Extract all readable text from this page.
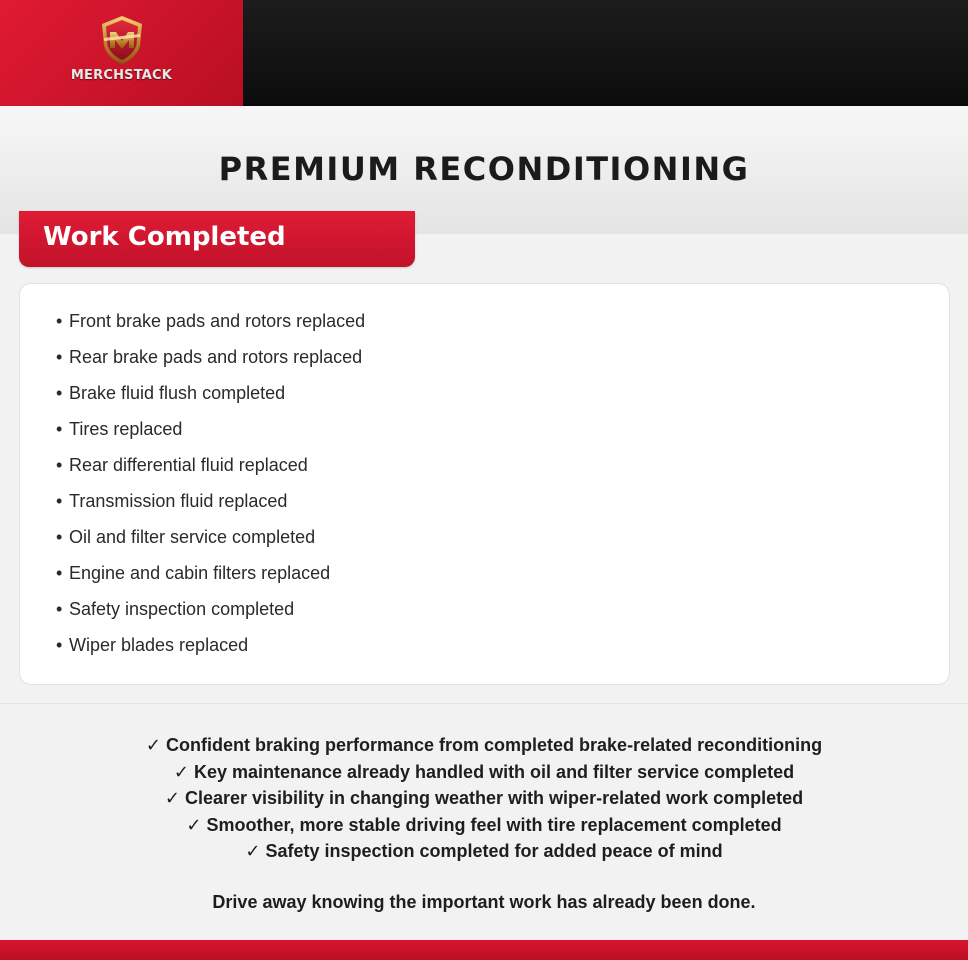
MERCHSTACK
PREMIUM RECONDITIONING
Work Completed
• Front brake pads and rotors replaced
• Rear brake pads and rotors replaced
• Brake fluid flush completed
• Tires replaced
• Rear differential fluid replaced
• Transmission fluid replaced
• Oil and filter service completed
• Engine and cabin filters replaced
• Safety inspection completed
• Wiper blades replaced
✓ Confident braking performance from completed brake-related reconditioning
✓ Key maintenance already handled with oil and filter service completed
✓ Clearer visibility in changing weather with wiper-related work completed
✓ Smoother, more stable driving feel with tire replacement completed
✓ Safety inspection completed for added peace of mind
Drive away knowing the important work has already been done.
